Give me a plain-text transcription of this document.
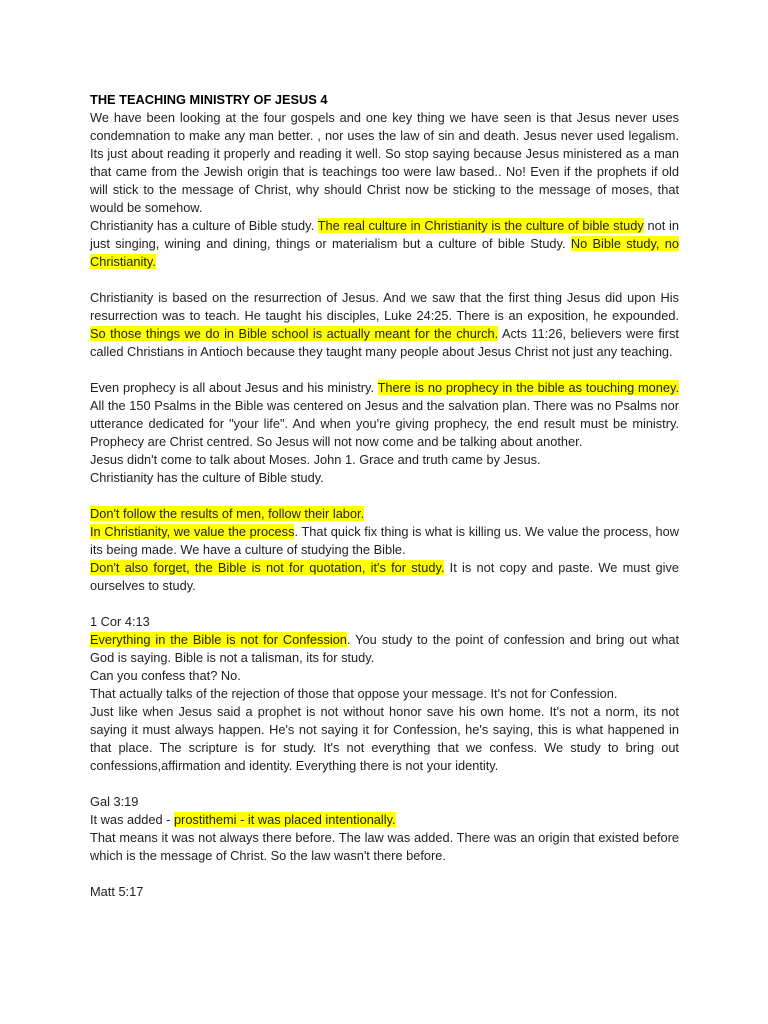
THE TEACHING MINISTRY OF JESUS 4

We have been looking at the four gospels and one key thing we have seen is that Jesus never uses condemnation to make any man better. , nor uses the law of sin and death. Jesus never used legalism. Its just about reading it properly and reading it well. So stop saying because Jesus ministered as a man that came from the Jewish origin that is teachings too were law based.. No! Even if the prophets if old will stick to the message of Christ, why should Christ now be sticking to the message of moses, that would be somehow.

Christianity has a culture of Bible study. The real culture in Christianity is the culture of bible study not in just singing, wining and dining, things or materialism but a culture of bible Study. No Bible study, no Christianity.

Christianity is based on the resurrection of Jesus. And we saw that the first thing Jesus did upon His resurrection was to teach. He taught his disciples, Luke 24:25. There is an exposition, he expounded. So those things we do in Bible school is actually meant for the church. Acts 11:26, believers were first called Christians in Antioch because they taught many people about Jesus Christ not just any teaching.

Even prophecy is all about Jesus and his ministry. There is no prophecy in the bible as touching money. All the 150 Psalms in the Bible was centered on Jesus and the salvation plan. There was no Psalms nor utterance dedicated for "your life". And when you're giving prophecy, the end result must be ministry. Prophecy are Christ centred. So Jesus will not now come and be talking about another.

Jesus didn't come to talk about Moses. John 1. Grace and truth came by Jesus.

Christianity has the culture of Bible study.

Don't follow the results of men, follow their labor.

In Christianity, we value the process. That quick fix thing is what is killing us. We value the process, how its being made. We have a culture of studying the Bible.

Don't also forget, the Bible is not for quotation, it's for study. It is not copy and paste. We must give ourselves to study.

1 Cor 4:13

Everything in the Bible is not for Confession. You study to the point of confession and bring out what God is saying. Bible is not a talisman, its for study.

Can you confess that? No.

That actually talks of the rejection of those that oppose your message. It's not for Confession.

Just like when Jesus said a prophet is not without honor save his own home. It's not a norm, its not saying it must always happen. He's not saying it for Confession, he's saying, this is what happened in that place. The scripture is for study. It's not everything that we confess. We study to bring out confessions,affirmation and identity. Everything there is not your identity.

Gal 3:19

It was added - prostithemi - it was placed intentionally.

That means it was not always there before. The law was added. There was an origin that existed before which is the message of Christ. So the law wasn't there before.

Matt 5:17
